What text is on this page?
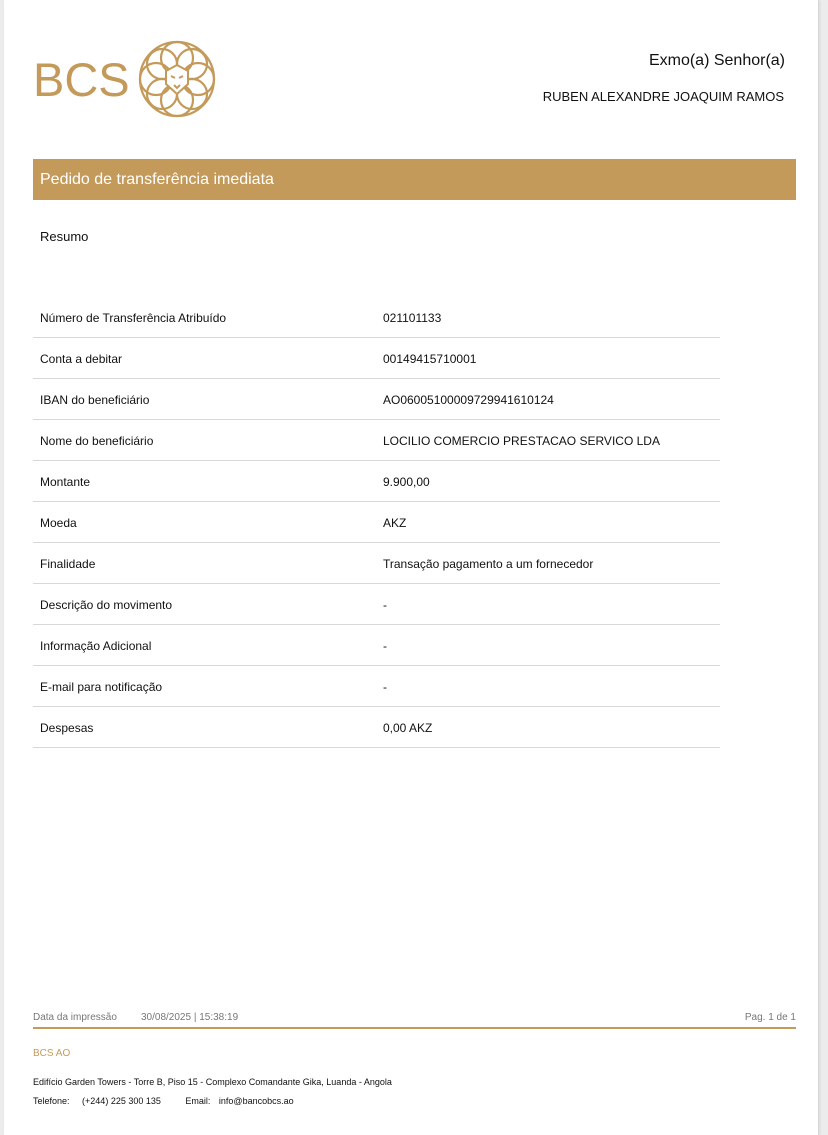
BCS	Exmo(a) Senhor(a)
RUBEN ALEXANDRE JOAQUIM RAMOS
Pedido de transferência imediata
Resumo
Número de Transferência Atribuído	021101133
Conta a debitar	00149415710001
IBAN do beneficiário	AO06005100009729941610124
Nome do beneficiário	LOCILIO COMERCIO PRESTACAO SERVICO LDA
Montante	9.900,00
Moeda	AKZ
Finalidade	Transação pagamento a um fornecedor
Descrição do movimento	-
Informação Adicional	-
E-mail para notificação	-
Despesas	0,00 AKZ
Data da impressão 30/08/2025 | 15:38:19	Pag. 1 de 1
BCS AO
Edifício Garden Towers - Torre B, Piso 15 - Complexo Comandante Gika, Luanda - Angola
Telefone: (+244) 225 300 135	Email: info@bancobcs.ao
